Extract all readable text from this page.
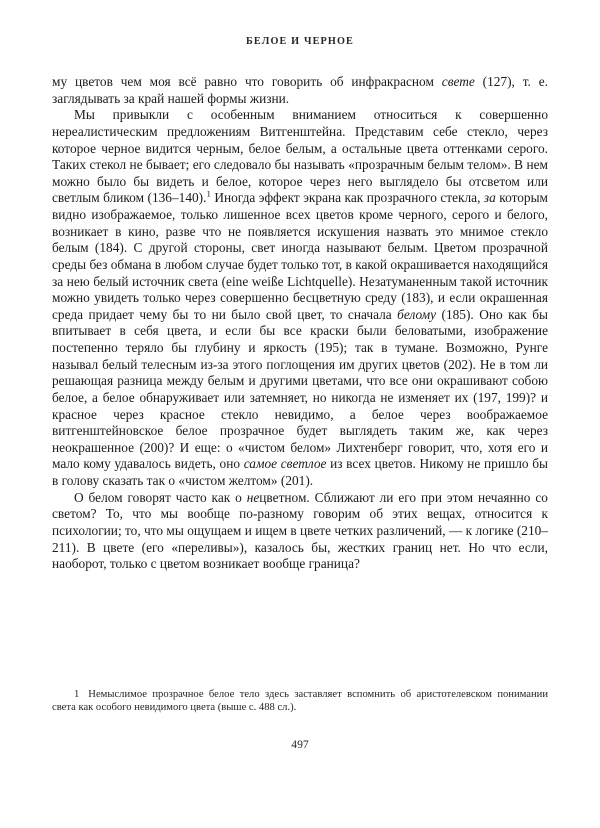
БЕЛОЕ И ЧЕРНОЕ

му цветов чем моя всё равно что говорить об инфракрасном свете (127), т. е. заглядывать за край нашей формы жизни.

Мы привыкли с особенным вниманием относиться к совершенно нереалистическим предложениям Витгенштейна. Представим себе стекло, через которое черное видится черным, белое белым, а остальные цвета оттенками серого. Таких стекол не бывает; его следовало бы называть «прозрачным белым телом». В нем можно было бы видеть и белое, которое через него выглядело бы отсветом или светлым бликом (136–140).$^1$ Иногда эффект экрана как прозрачного стекла, за которым видно изображаемое, только лишенное всех цветов кроме черного, серого и белого, возникает в кино, разве что не появляется искушения назвать это мнимое стекло белым (184). С другой стороны, свет иногда называют белым. Цветом прозрачной среды без обмана в любом случае будет только тот, в какой окрашивается находящийся за нею белый источник света (eine weiße Lichtquelle). Незатуманенным такой источник можно увидеть только через совершенно бесцветную среду (183), и если окрашенная среда придает чему бы то ни было свой цвет, то сначала белому (185). Оно как бы впитывает в себя цвета, и если бы все краски были беловатыми, изображение постепенно теряло бы глубину и яркость (195); так в тумане. Возможно, Рунге называл белый телесным из-за этого поглощения им других цветов (202). Не в том ли решающая разница между белым и другими цветами, что все они окрашивают собою белое, а белое обнаруживает или затемняет, но никогда не изменяет их (197, 199)? и красное через красное стекло невидимо, а белое через воображаемое витгенштейновское белое прозрачное будет выглядеть таким же, как через неокрашенное (200)? И еще: о «чистом белом» Лихтенберг говорит, что, хотя его и мало кому удавалось видеть, оно самое светлое из всех цветов. Никому не пришло бы в голову сказать так о «чистом желтом» (201).

О белом говорят часто как о нецветном. Сближают ли его при этом нечаянно со светом? То, что мы вообще по-разному говорим об этих вещах, относится к психологии; то, что мы ощущаем и ищем в цвете четких различений, — к логике (210–211). В цвете (его «переливы»), казалось бы, жестких границ нет. Но что если, наоборот, только с цветом возникает вообще граница?

1 Немыслимое прозрачное белое тело здесь заставляет вспомнить об аристотелевском понимании света как особого невидимого цвета (выше с. 488 сл.).

497
